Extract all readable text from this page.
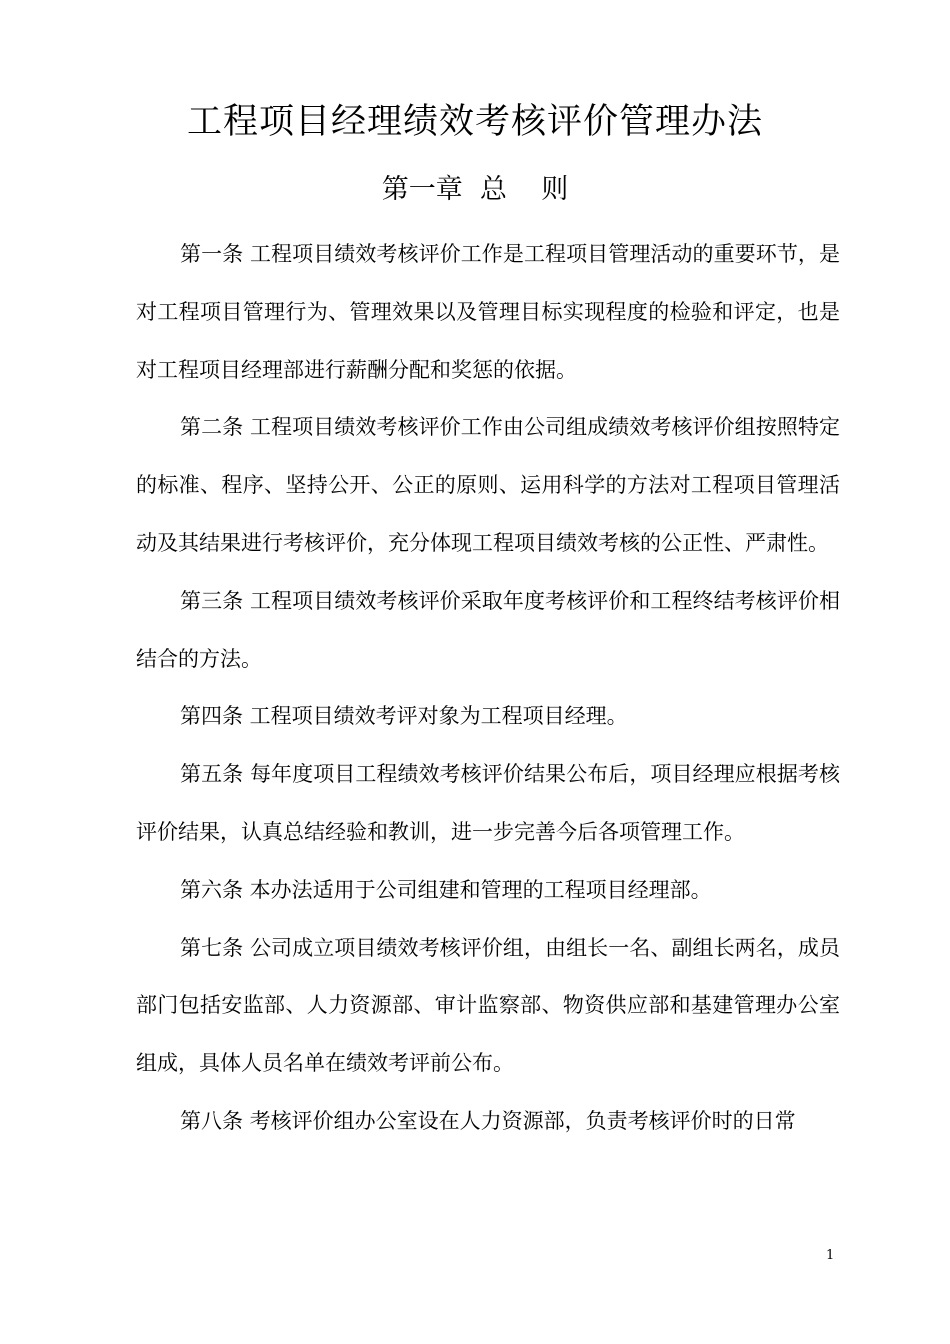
工程项目经理绩效考核评价管理办法
第一章  总    则

第一条 工程项目绩效考核评价工作是工程项目管理活动的重要环节，是对工程项目管理行为、管理效果以及管理目标实现程度的检验和评定，也是对工程项目经理部进行薪酬分配和奖惩的依据。

第二条 工程项目绩效考核评价工作由公司组成绩效考核评价组按照特定的标准、程序、坚持公开、公正的原则、运用科学的方法对工程项目管理活动及其结果进行考核评价，充分体现工程项目绩效考核的公正性、严肃性。

第三条 工程项目绩效考核评价采取年度考核评价和工程终结考核评价相结合的方法。

第四条 工程项目绩效考评对象为工程项目经理。

第五条 每年度项目工程绩效考核评价结果公布后，项目经理应根据考核评价结果，认真总结经验和教训，进一步完善今后各项管理工作。

第六条 本办法适用于公司组建和管理的工程项目经理部。

第七条 公司成立项目绩效考核评价组，由组长一名、副组长两名，成员部门包括安监部、人力资源部、审计监察部、物资供应部和基建管理办公室组成，具体人员名单在绩效考评前公布。

第八条 考核评价组办公室设在人力资源部，负责考核评价时的日常

1
